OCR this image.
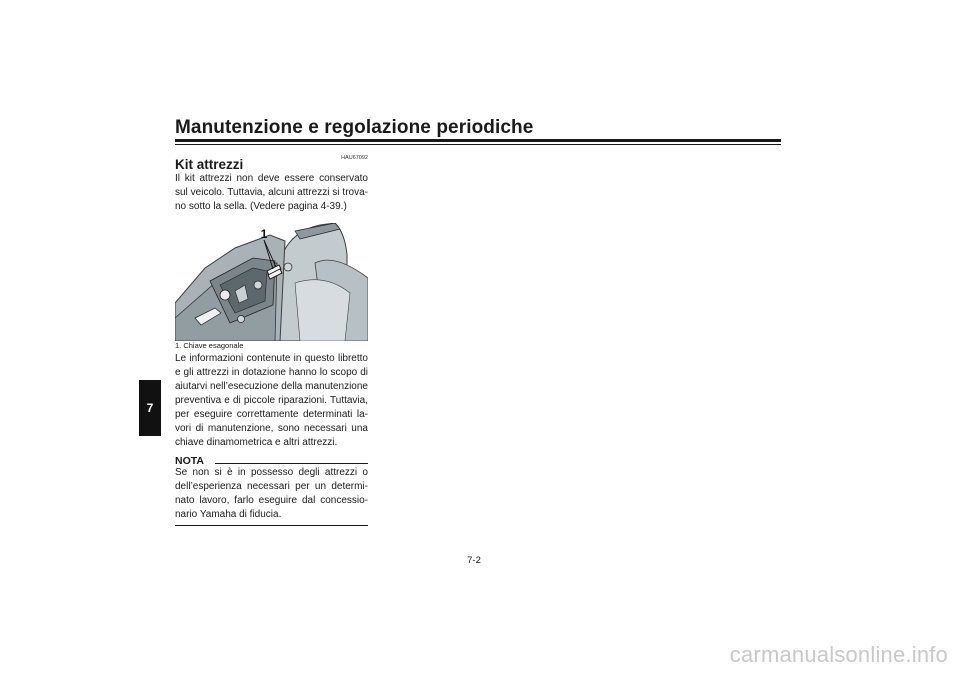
Manutenzione e regolazione periodiche
7
HAU67092
Kit attrezzi
Il kit attrezzi non deve essere conservato sul veicolo. Tuttavia, alcuni attrezzi si trova-no sotto la sella. (Vedere pagina 4-39.)
1
1. Chiave esagonale
Le informazioni contenute in questo libretto e gli attrezzi in dotazione hanno lo scopo di aiutarvi nell’esecuzione della manutenzione preventiva e di piccole riparazioni. Tuttavia, per eseguire correttamente determinati la-vori di manutenzione, sono necessari una chiave dinamometrica e altri attrezzi.
NOTA
Se non si è in possesso degli attrezzi o dell’esperienza necessari per un determi-nato lavoro, farlo eseguire dal concessio-nario Yamaha di fiducia.
7-2
carmanualsonline.info
